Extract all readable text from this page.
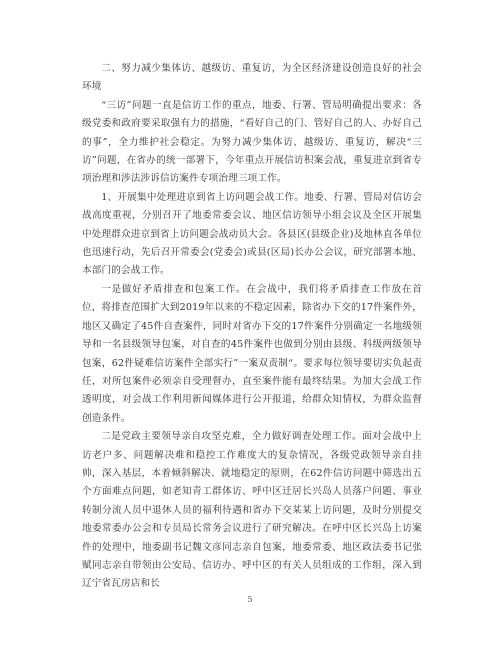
二、努力减少集体访、越级访、重复访，为全区经济建设创造良好的社会环境

“三访”问题一直是信访工作的重点，地委、行署、管局明确提出要求：各级党委和政府要采取强有力的措施，“看好自己的门、管好自己的人、办好自己的事”，全力维护社会稳定。为努力减少集体访、越级访、重复访，解决“三访”问题，在省办的统一部署下，今年重点开展信访积案会战，重复进京到省专项治理和涉法涉诉信访案件专项治理三项工作。

1、开展集中处理进京到省上访问题会战工作。地委、行署、管局对信访会战高度重视，分别召开了地委常委会议、地区信访领导小组会议及全区开展集中处理群众进京到省上访问题会战动员大会。各县区(县级企业)及地林直各单位也迅速行动，先后召开常委会(党委会)或县(区局)长办公会议，研究部署本地、本部门的会战工作。

一是做好矛盾排查和包案工作。在会战中，我们将矛盾排查工作放在首位，将排查范围扩大到2019年以来的不稳定因素，除省办下交的17件案件外，地区又确定了45件自查案件，同时对省办下交的17件案件分别确定一名地级领导和一名县级领导包案，对自查的45件案件也做到分别由县级、科级两级领导包案，62件疑难信访案件全部实行”一案双责制“。要求每位领导要切实负起责任，对所包案件必须亲自受理督办，直至案件能有最终结果。为加大会战工作透明度，对会战工作利用新闻媒体进行公开报道，给群众知情权，为群众监督创造条件。

二是党政主要领导亲自攻坚克难，全力做好调查处理工作。面对会战中上访老户多、问题解决难和稳控工作难度大的复杂情况，各级党政领导亲自挂帅，深入基层，本着倾斜解决、就地稳定的原则，在62件信访问题中筛选出五个方面难点问题，如老知青工群体访、呼中区迁居长兴岛人员落户问题、事业转制分流人员中退休人员的福利待遇和省办下交某某上访问题，及时分别提交地委常委办公会和专员局长常务会议进行了研究解决。在呼中区长兴岛上访案件的处理中，地委副书记魏文彦同志亲自包案，地委常委、地区政法委书记张赋同志亲自带领由公安局、信访办、呼中区的有关人员组成的工作组，深入到辽宁省瓦房店和长

5
